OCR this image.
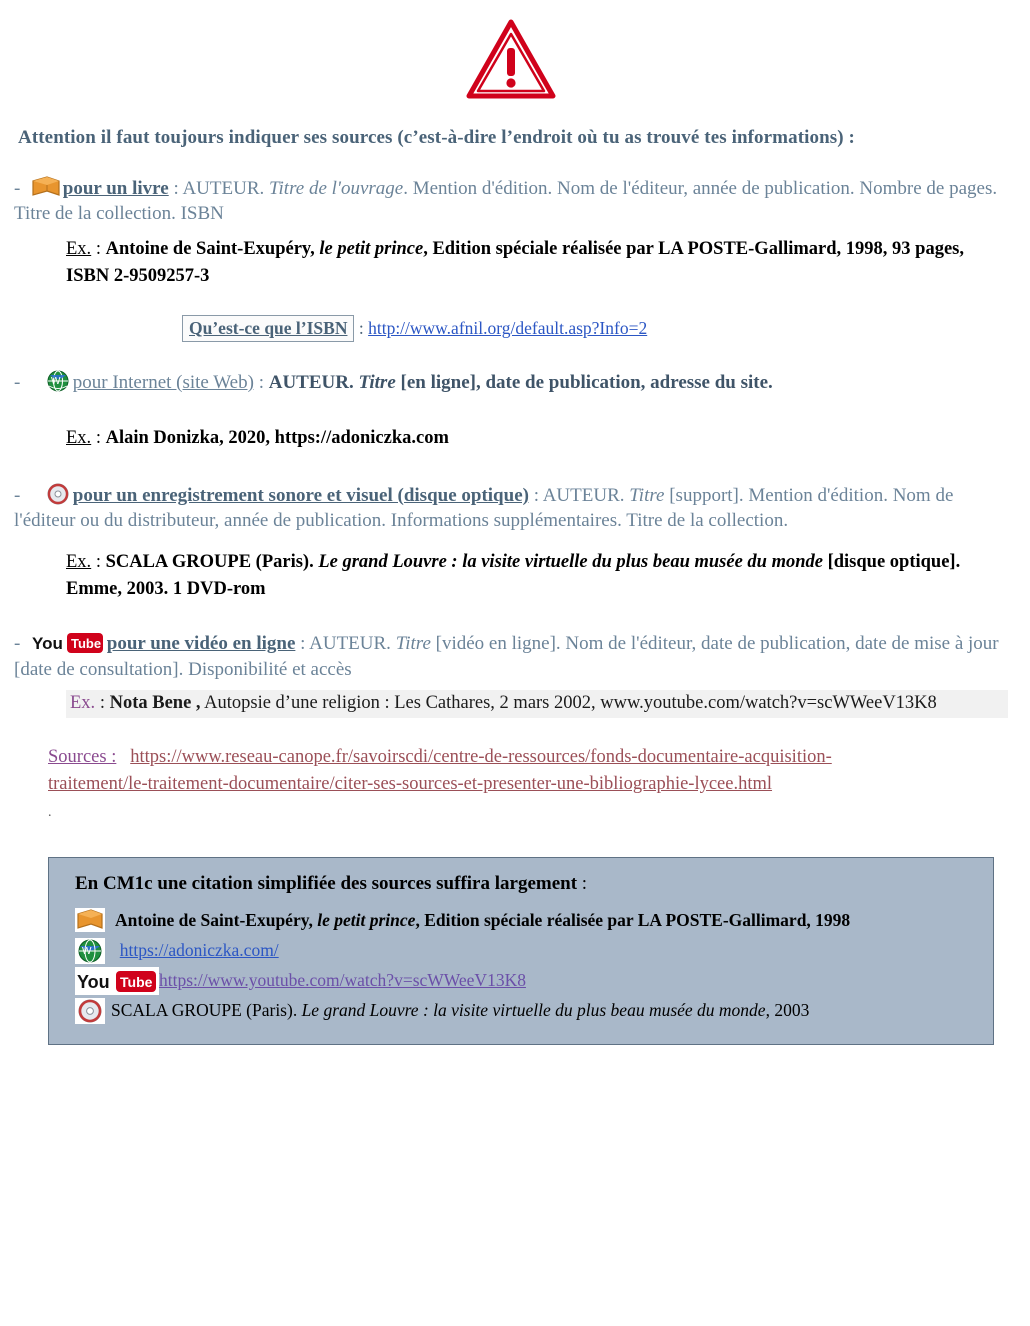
Attention il faut toujours indiquer ses sources (c’est-à-dire l’endroit où tu as trouvé tes informations) :
- pour un livre : AUTEUR. Titre de l'ouvrage. Mention d'édition. Nom de l'éditeur, année de publication. Nombre de pages. Titre de la collection. ISBN
Ex. : Antoine de Saint-Exupéry, le petit prince, Edition spéciale réalisée par LA POSTE-Gallimard, 1998, 93 pages, ISBN 2-9509257-3
Qu’est-ce que l’ISBN : http://www.afnil.org/default.asp?Info=2
-	W pour Internet (site Web) : AUTEUR. Titre [en ligne], date de publication, adresse du site.
Ex. : Alain Donizka, 2020, https://adoniczka.com
-	pour un enregistrement sonore et visuel (disque optique) : AUTEUR. Titre [support]. Mention d'édition. Nom de l'éditeur ou du distributeur, année de publication. Informations supplémentaires. Titre de la collection.
Ex. : SCALA GROUPE (Paris). Le grand Louvre : la visite virtuelle du plus beau musée du monde [disque optique]. Emme, 2003. 1 DVD-rom
- You Tube pour une vidéo en ligne : AUTEUR. Titre [vidéo en ligne]. Nom de l'éditeur, date de publication, date de mise à jour [date de consultation]. Disponibilité et accès
Ex. : Nota Bene , Autopsie d’une religion : Les Cathares, 2 mars 2002, www.youtube.com/watch?v=scWWeeV13K8
Sources : https://www.reseau-canope.fr/savoirscdi/centre-de-ressources/fonds-documentaire-acquisition-
traitement/le-traitement-documentaire/citer-ses-sources-et-presenter-une-bibliographie-lycee.html
.
En CM1c une citation simplifiée des sources suffira largement :
Antoine de Saint-Exupéry, le petit prince, Edition spéciale réalisée par LA POSTE-Gallimard, 1998
W	https://adoniczka.com/
You Tube https://www.youtube.com/watch?v=scWWeeV13K8
SCALA GROUPE (Paris). Le grand Louvre : la visite virtuelle du plus beau musée du monde, 2003
